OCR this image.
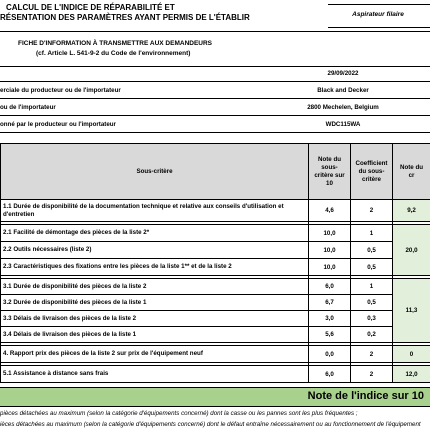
CALCUL DE L'INDICE DE RÉPARABILITÉ ET
RÉSENTATION DES PARAMÈTRES AYANT PERMIS DE L'ÉTABLIR	Aspirateur filaire
FICHE D'INFORMATION À TRANSMETTRE AUX DEMANDEURS
(cf. Article L. 541-9-2 du Code de l'environnement)
29/09/2022
erciale du producteur ou de l'importateur	Black and Decker
ou de l'importateur	2800 Mechelen, Belgium
onné par le producteur ou l'importateur	WDC115WA
Sous-critère	Note du sous-
critère sur 10	Coefficient
du sous-
critère	Note du
cr
1.1 Durée de disponibilité de la documentation technique et relative aux conseils d'utilisation et
d'entretien	4,6	2	9,2

2.1 Facilité de démontage des pièces de la liste 2*	10,0	1	20,0
2.2 Outils nécessaires (liste 2)	10,0	0,5	
2.3 Caractéristiques des fixations entre les pièces de la liste 1** et de la liste 2	10,0	0,5	

3.1 Durée de disponibilité des pièces de la liste 2	6,0	1	11,3
3.2 Durée de disponibilité des pièces de la liste 1	6,7	0,5	
3.3 Délais de livraison des pièces de la liste 2	3,0	0,3	
3.4 Délais de livraison des pièces de la liste 1	5,6	0,2	

4. Rapport prix des pièces de la liste 2 sur prix de l'équipement neuf	0,0	2	0

5.1 Assistance à distance sans frais	6,0	2	12,0
Note de l'indice sur 10
pièces détachées au maximum (selon la catégorie d'équipements concerné) dont la casse ou les pannes sont les plus fréquentes ;
ièces détachées au maximum (selon la catégorie d'équipements concerné) dont le défaut entraîne nécessairement ou au fonctionnement de l'équipement
